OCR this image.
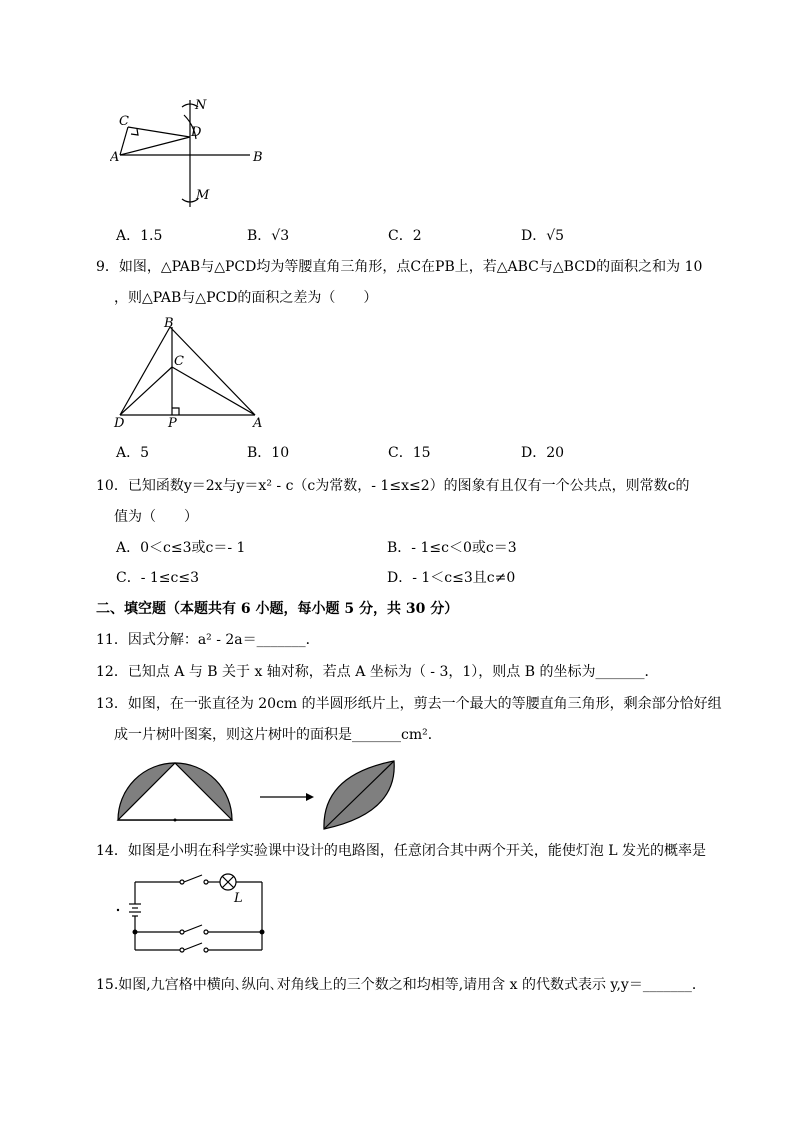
C
N
D
A	B
M
A．1.5	B．√3	C．2	D．√5
9．如图，△PAB与△PCD均为等腰直角三角形，点C在PB上，若△ABC与△BCD的面积之和为 10
，则△PAB与△PCD的面积之差为（　　）
B
C
D	P	A
A．5	B．10	C．15	D．20
10．已知函数y＝2x与y＝x² - c（c为常数，- 1≤x≤2）的图象有且仅有一个公共点，则常数c的
值为（　　）
A．0＜c≤3或c＝- 1	B．- 1≤c＜0或c＝3
C．- 1≤c≤3	D．- 1＜c≤3且c≠0
二、填空题（本题共有 6 小题，每小题 5 分，共 30 分）
11．因式分解：a² - 2a＝_______．
12．已知点 A 与 B 关于 x 轴对称，若点 A 坐标为（ - 3，1），则点 B 的坐标为_______．
13．如图，在一张直径为 20cm 的半圆形纸片上，剪去一个最大的等腰直角三角形，剩余部分恰好组
成一片树叶图案，则这片树叶的面积是_______cm²．
14．如图是小明在科学实验课中设计的电路图，任意闭合其中两个开关，能使灯泡 L 发光的概率是
L
15.如图,九宫格中横向､纵向､对角线上的三个数之和均相等,请用含 x 的代数式表示 y,y＝_______．
